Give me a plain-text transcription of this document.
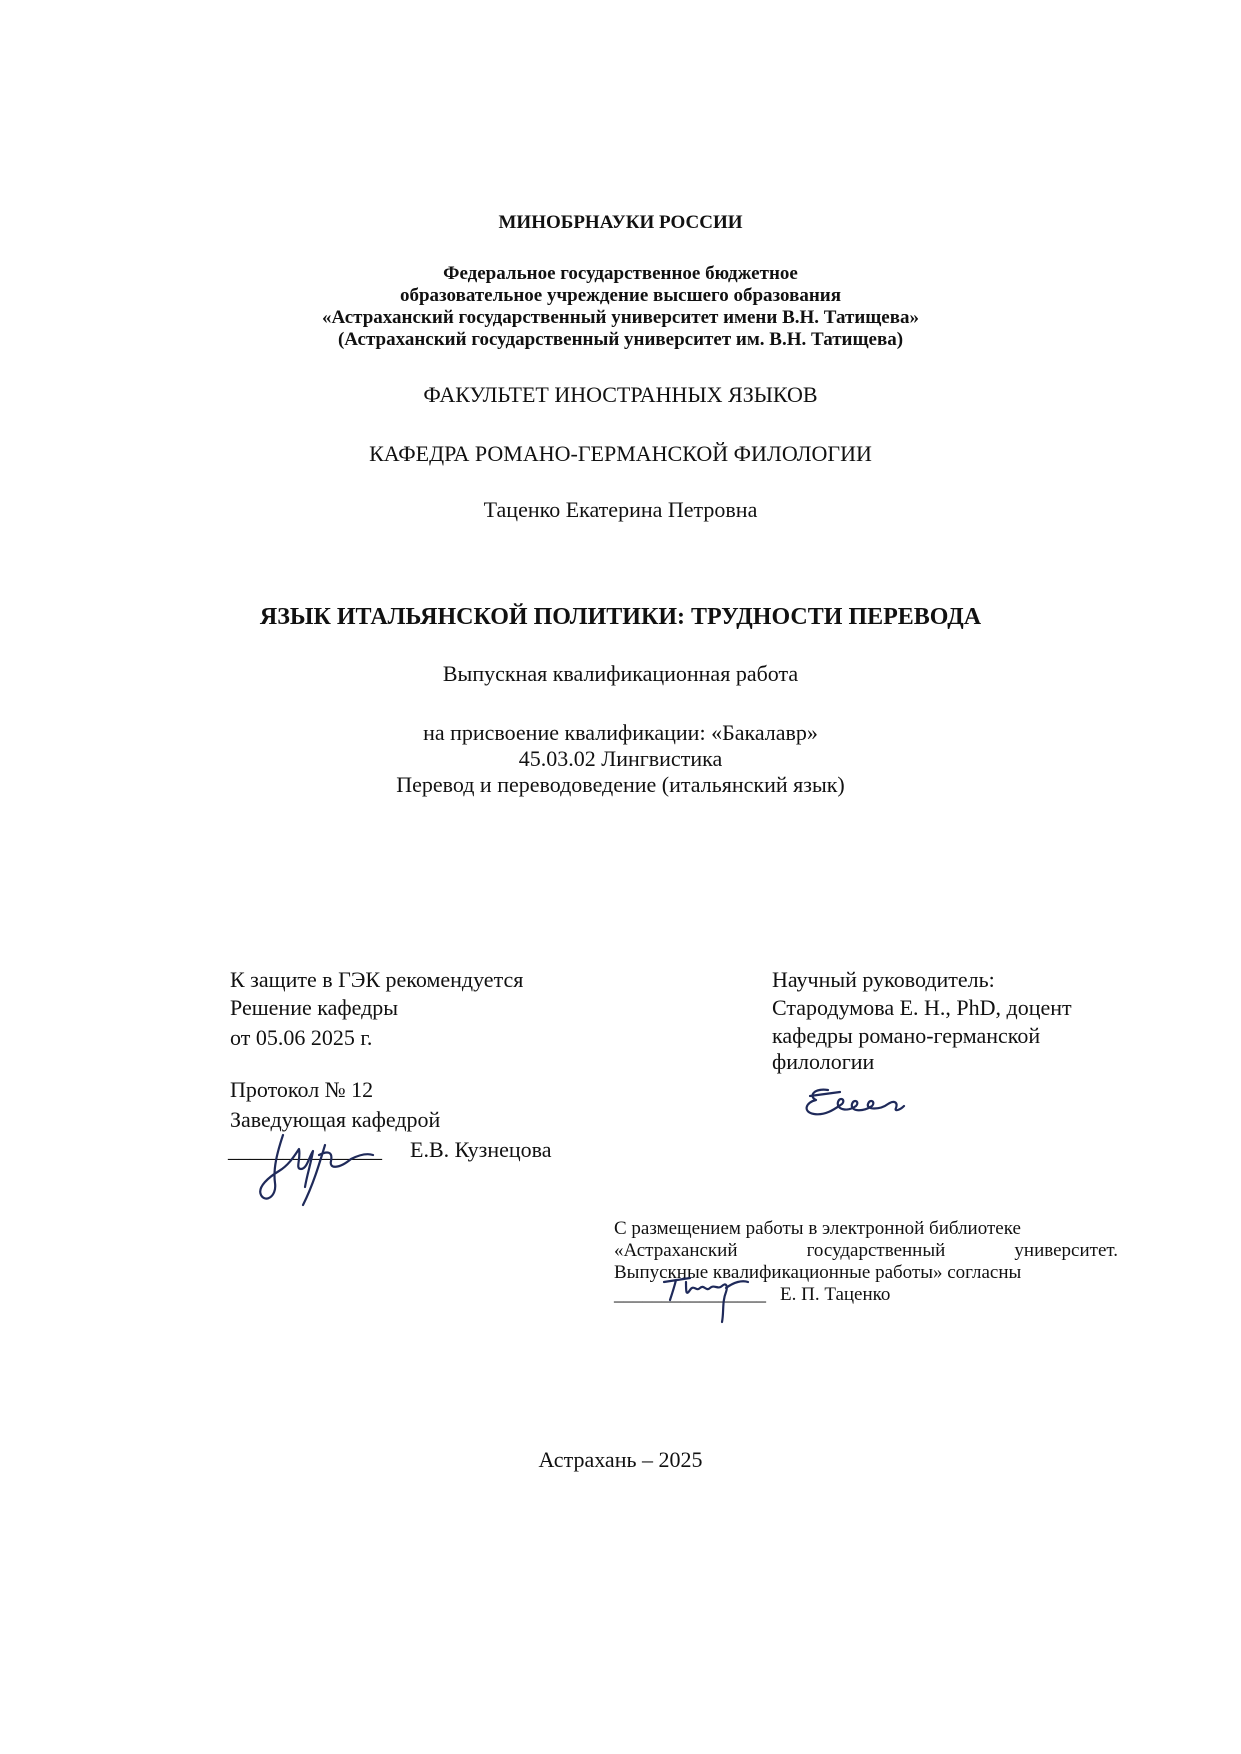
МИНОБРНАУКИ РОССИИ
Федеральное государственное бюджетное
образовательное учреждение высшего образования
«Астраханский государственный университет имени В.Н. Татищева»
(Астраханский государственный университет им. В.Н. Татищева)
ФАКУЛЬТЕТ ИНОСТРАННЫХ ЯЗЫКОВ
КАФЕДРА РОМАНО-ГЕРМАНСКОЙ ФИЛОЛОГИИ
Таценко Екатерина Петровна
ЯЗЫК ИТАЛЬЯНСКОЙ ПОЛИТИКИ: ТРУДНОСТИ ПЕРЕВОДА
Выпускная квалификационная работа
на присвоение квалификации: «Бакалавр»
45.03.02 Лингвистика
Перевод и переводоведение (итальянский язык)
К защите в ГЭК рекомендуется
Решение кафедры
от 05.06 2025 г.
Протокол № 12
Заведующая кафедрой
______________ Е.В. Кузнецова
Научный руководитель:
Стародумова Е. Н., PhD, доцент
кафедры романо-германской
филологии
С размещением работы в электронной библиотеке
«Астраханский	государственный	университет.
Выпускные квалификационные работы» согласны
________________ Е. П. Таценко
Астрахань – 2025
